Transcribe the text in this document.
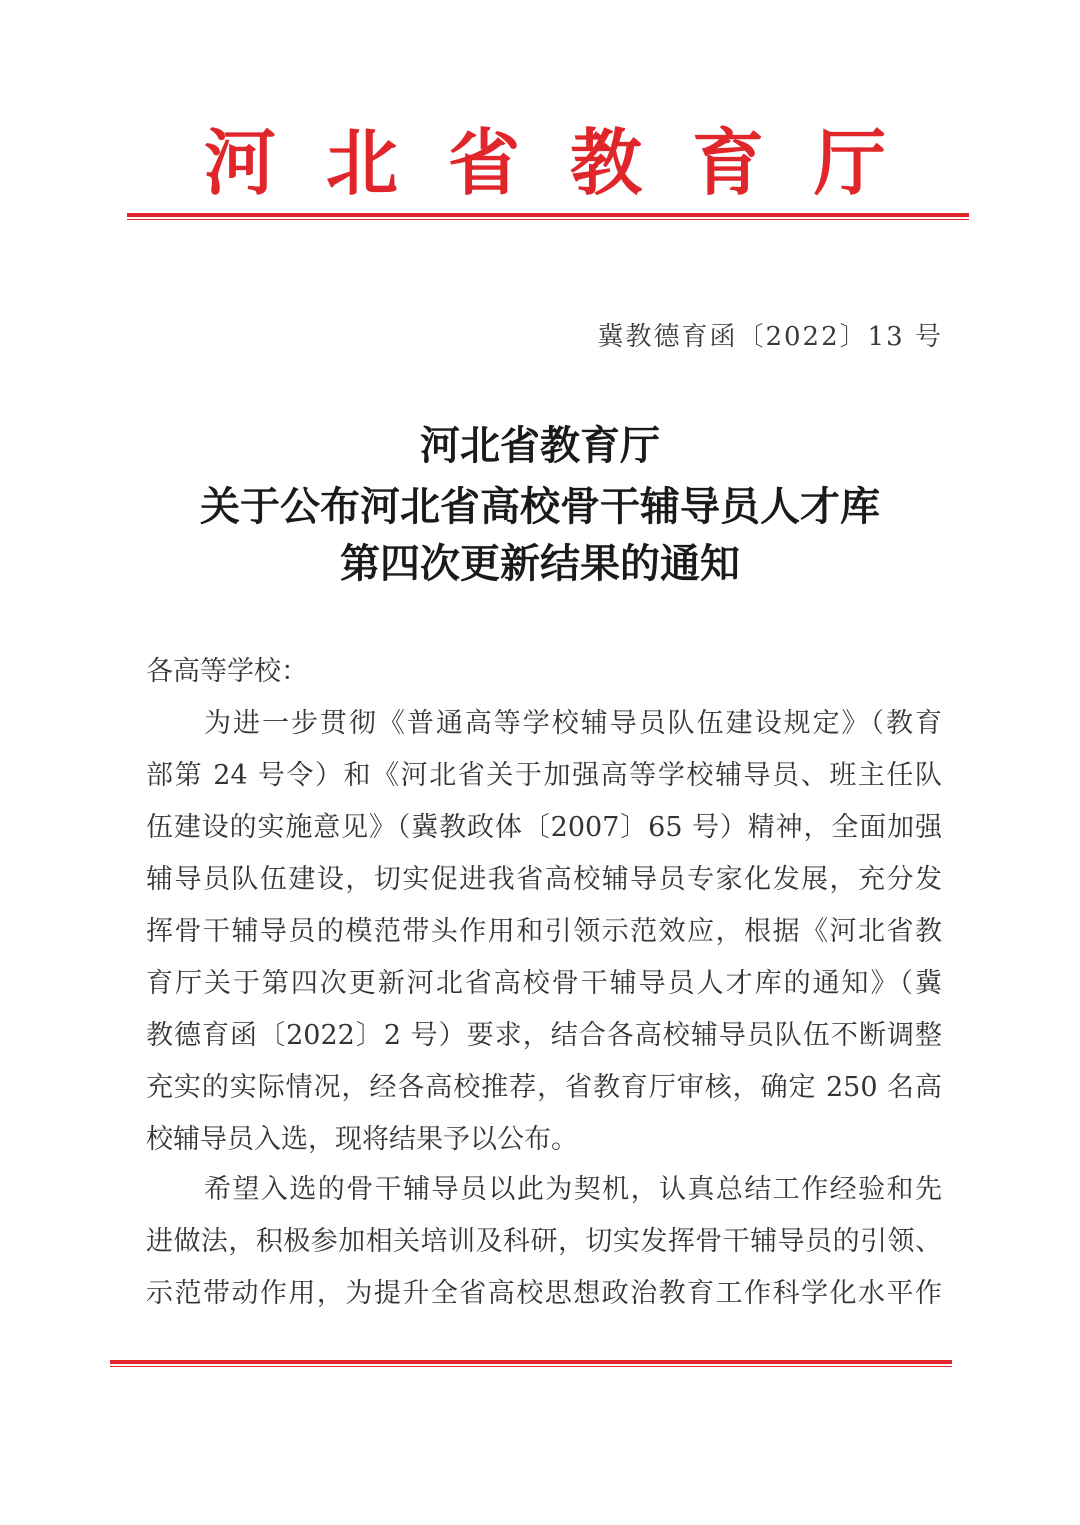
河北省教育厅
冀教德育函〔2022〕13 号
河北省教育厅
关于公布河北省高校骨干辅导员人才库
第四次更新结果的通知
各高等学校：
为进一步贯彻《普通高等学校辅导员队伍建设规定》（教育
部第 24 号令）和《河北省关于加强高等学校辅导员、班主任队
伍建设的实施意见》（冀教政体〔2007〕65 号）精神，全面加强
辅导员队伍建设，切实促进我省高校辅导员专家化发展，充分发
挥骨干辅导员的模范带头作用和引领示范效应，根据《河北省教
育厅关于第四次更新河北省高校骨干辅导员人才库的通知》（冀
教德育函〔2022〕2 号）要求，结合各高校辅导员队伍不断调整
充实的实际情况，经各高校推荐，省教育厅审核，确定 250 名高
校辅导员入选，现将结果予以公布。
希望入选的骨干辅导员以此为契机，认真总结工作经验和先
进做法，积极参加相关培训及科研，切实发挥骨干辅导员的引领、
示范带动作用，为提升全省高校思想政治教育工作科学化水平作
